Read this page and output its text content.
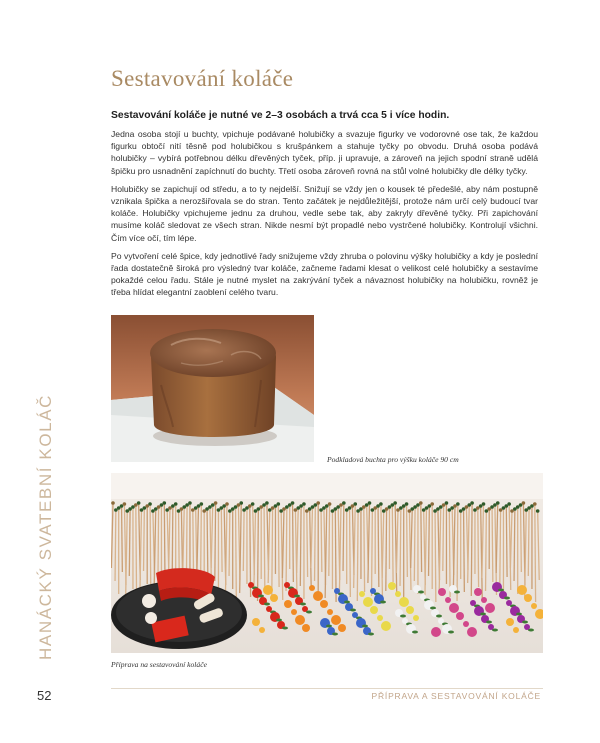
Sestavování koláče

Sestavování koláče je nutné ve 2–3 osobách a trvá cca 5 i více hodin.

Jedna osoba stojí u buchty, vpichuje podávané holubičky a svazuje figurky ve vodorovné ose tak, že každou figurku obtočí nití těsně pod holubičkou s krušpánkem a stahuje tyčky po obvodu. Druhá osoba podává holubičky – vybírá potřebnou délku dřevěných tyček, příp. ji upravuje, a zároveň na jejich spodní straně udělá špičku pro usnadnění zapíchnutí do buchty. Třetí osoba zároveň rovná na stůl volné holubičky dle délky tyčky.

Holubičky se zapichují od středu, a to ty nejdelší. Snižují se vždy jen o kousek té předešlé, aby nám postupně vznikala špička a nerozšiřovala se do stran. Tento začátek je nejdůležitější, protože nám určí celý budoucí tvar koláče. Holubičky vpichujeme jednu za druhou, vedle sebe tak, aby zakryly dřevěné tyčky. Při zapichování musíme koláč sledovat ze všech stran. Nikde nesmí být propadlé nebo vystrčené holubičky. Kontrolují všichni. Čím více očí, tím lépe.

Po vytvoření celé špice, kdy jednotlivé řady snižujeme vždy zhruba o polovinu výšky holubičky a kdy je poslední řada dostatečně široká pro výsledný tvar koláče, začneme řadami klesat o velikost celé holubičky a sestavíme pokaždé celou řadu. Stále je nutné myslet na zakrývání tyček a návaznost holubičky na holubičku, rovněž je třeba hlídat elegantní zaoblení celého tvaru.

Podkladová buchta pro výšku koláče 90 cm
Příprava na sestavování koláče
HANÁCKÝ SVATEBNÍ KOLÁČ
52	PŘÍPRAVA A SESTAVOVÁNÍ KOLÁČE
